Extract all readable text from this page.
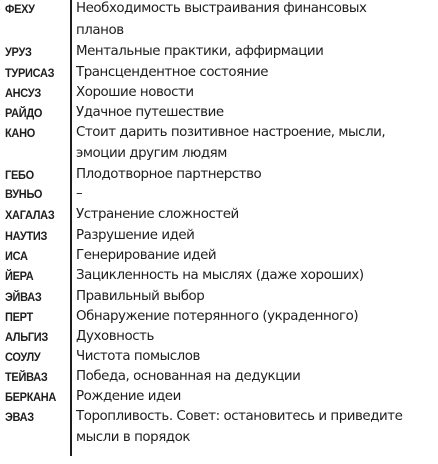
ФЕХУ	Необходимость выстраивания финансовых
планов
УРУЗ	Ментальные практики, аффирмации
ТУРИСАЗ	Трансцендентное состояние
АНСУЗ	Хорошие новости
РАЙДО	Удачное путешествие
КАНО	Стоит дарить позитивное настроение, мысли,
эмоции другим людям
ГЕБО	Плодотворное партнерство
ВУНЬО	–
ХАГАЛАЗ	Устранение сложностей
НАУТИЗ	Разрушение идей
ИСА	Генерирование идей
ЙЕРА	Зацикленность на мыслях (даже хороших)
ЭЙВАЗ	Правильный выбор
ПЕРТ	Обнаружение потерянного (украденного)
АЛЬГИЗ	Духовность
СОУЛУ	Чистота помыслов
ТЕЙВАЗ	Победа, основанная на дедукции
БЕРКАНА	Рождение идеи
ЭВАЗ	Торопливость. Совет: остановитесь и приведите
мысли в порядок
